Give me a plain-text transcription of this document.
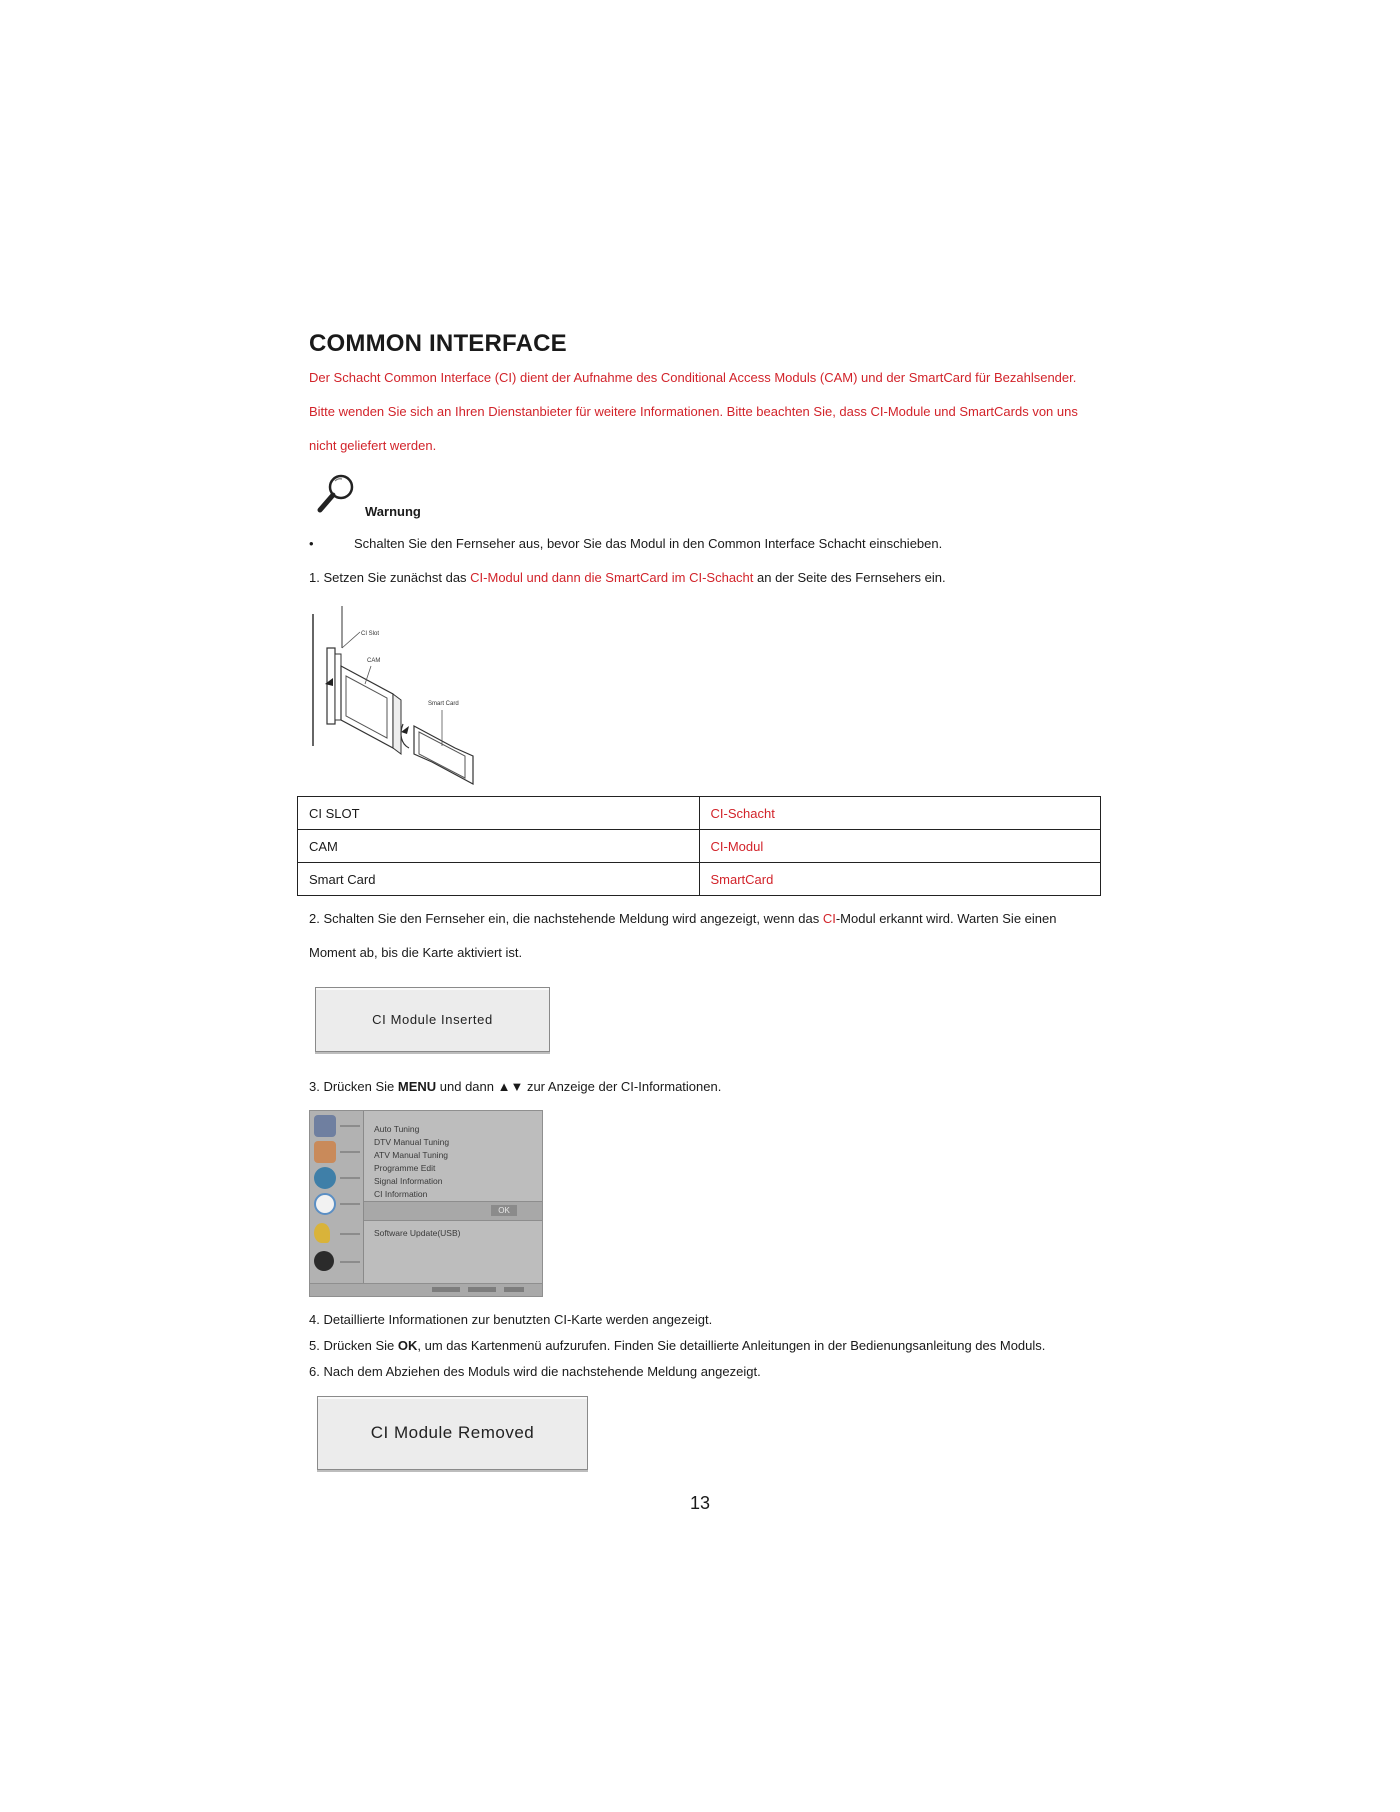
COMMON INTERFACE
Der Schacht Common Interface (CI) dient der Aufnahme des Conditional Access Moduls (CAM) und der SmartCard für Bezahlsender.
Bitte wenden Sie sich an Ihren Dienstanbieter für weitere Informationen. Bitte beachten Sie, dass CI-Module und SmartCards von uns
nicht geliefert werden.
Warnung
•	Schalten Sie den Fernseher aus, bevor Sie das Modul in den Common Interface Schacht einschieben.
1. Setzen Sie zunächst das CI-Modul und dann die SmartCard im CI-Schacht an der Seite des Fernsehers ein.
CI Slot
CAM
Smart Card
CI SLOT	CI-Schacht
CAM	CI-Modul
Smart Card	SmartCard
2. Schalten Sie den Fernseher ein, die nachstehende Meldung wird angezeigt, wenn das CI-Modul erkannt wird. Warten Sie einen
Moment ab, bis die Karte aktiviert ist.
CI Module Inserted
3. Drücken Sie MENU und dann ▲▼ zur Anzeige der CI-Informationen.
Auto Tuning
DTV Manual Tuning
ATV Manual Tuning
Programme Edit
Signal Information
CI Information
OK
Software Update(USB)
4. Detaillierte Informationen zur benutzten CI-Karte werden angezeigt.
5. Drücken Sie OK, um das Kartenmenü aufzurufen. Finden Sie detaillierte Anleitungen in der Bedienungsanleitung des Moduls.
6. Nach dem Abziehen des Moduls wird die nachstehende Meldung angezeigt.
CI Module Removed
13
